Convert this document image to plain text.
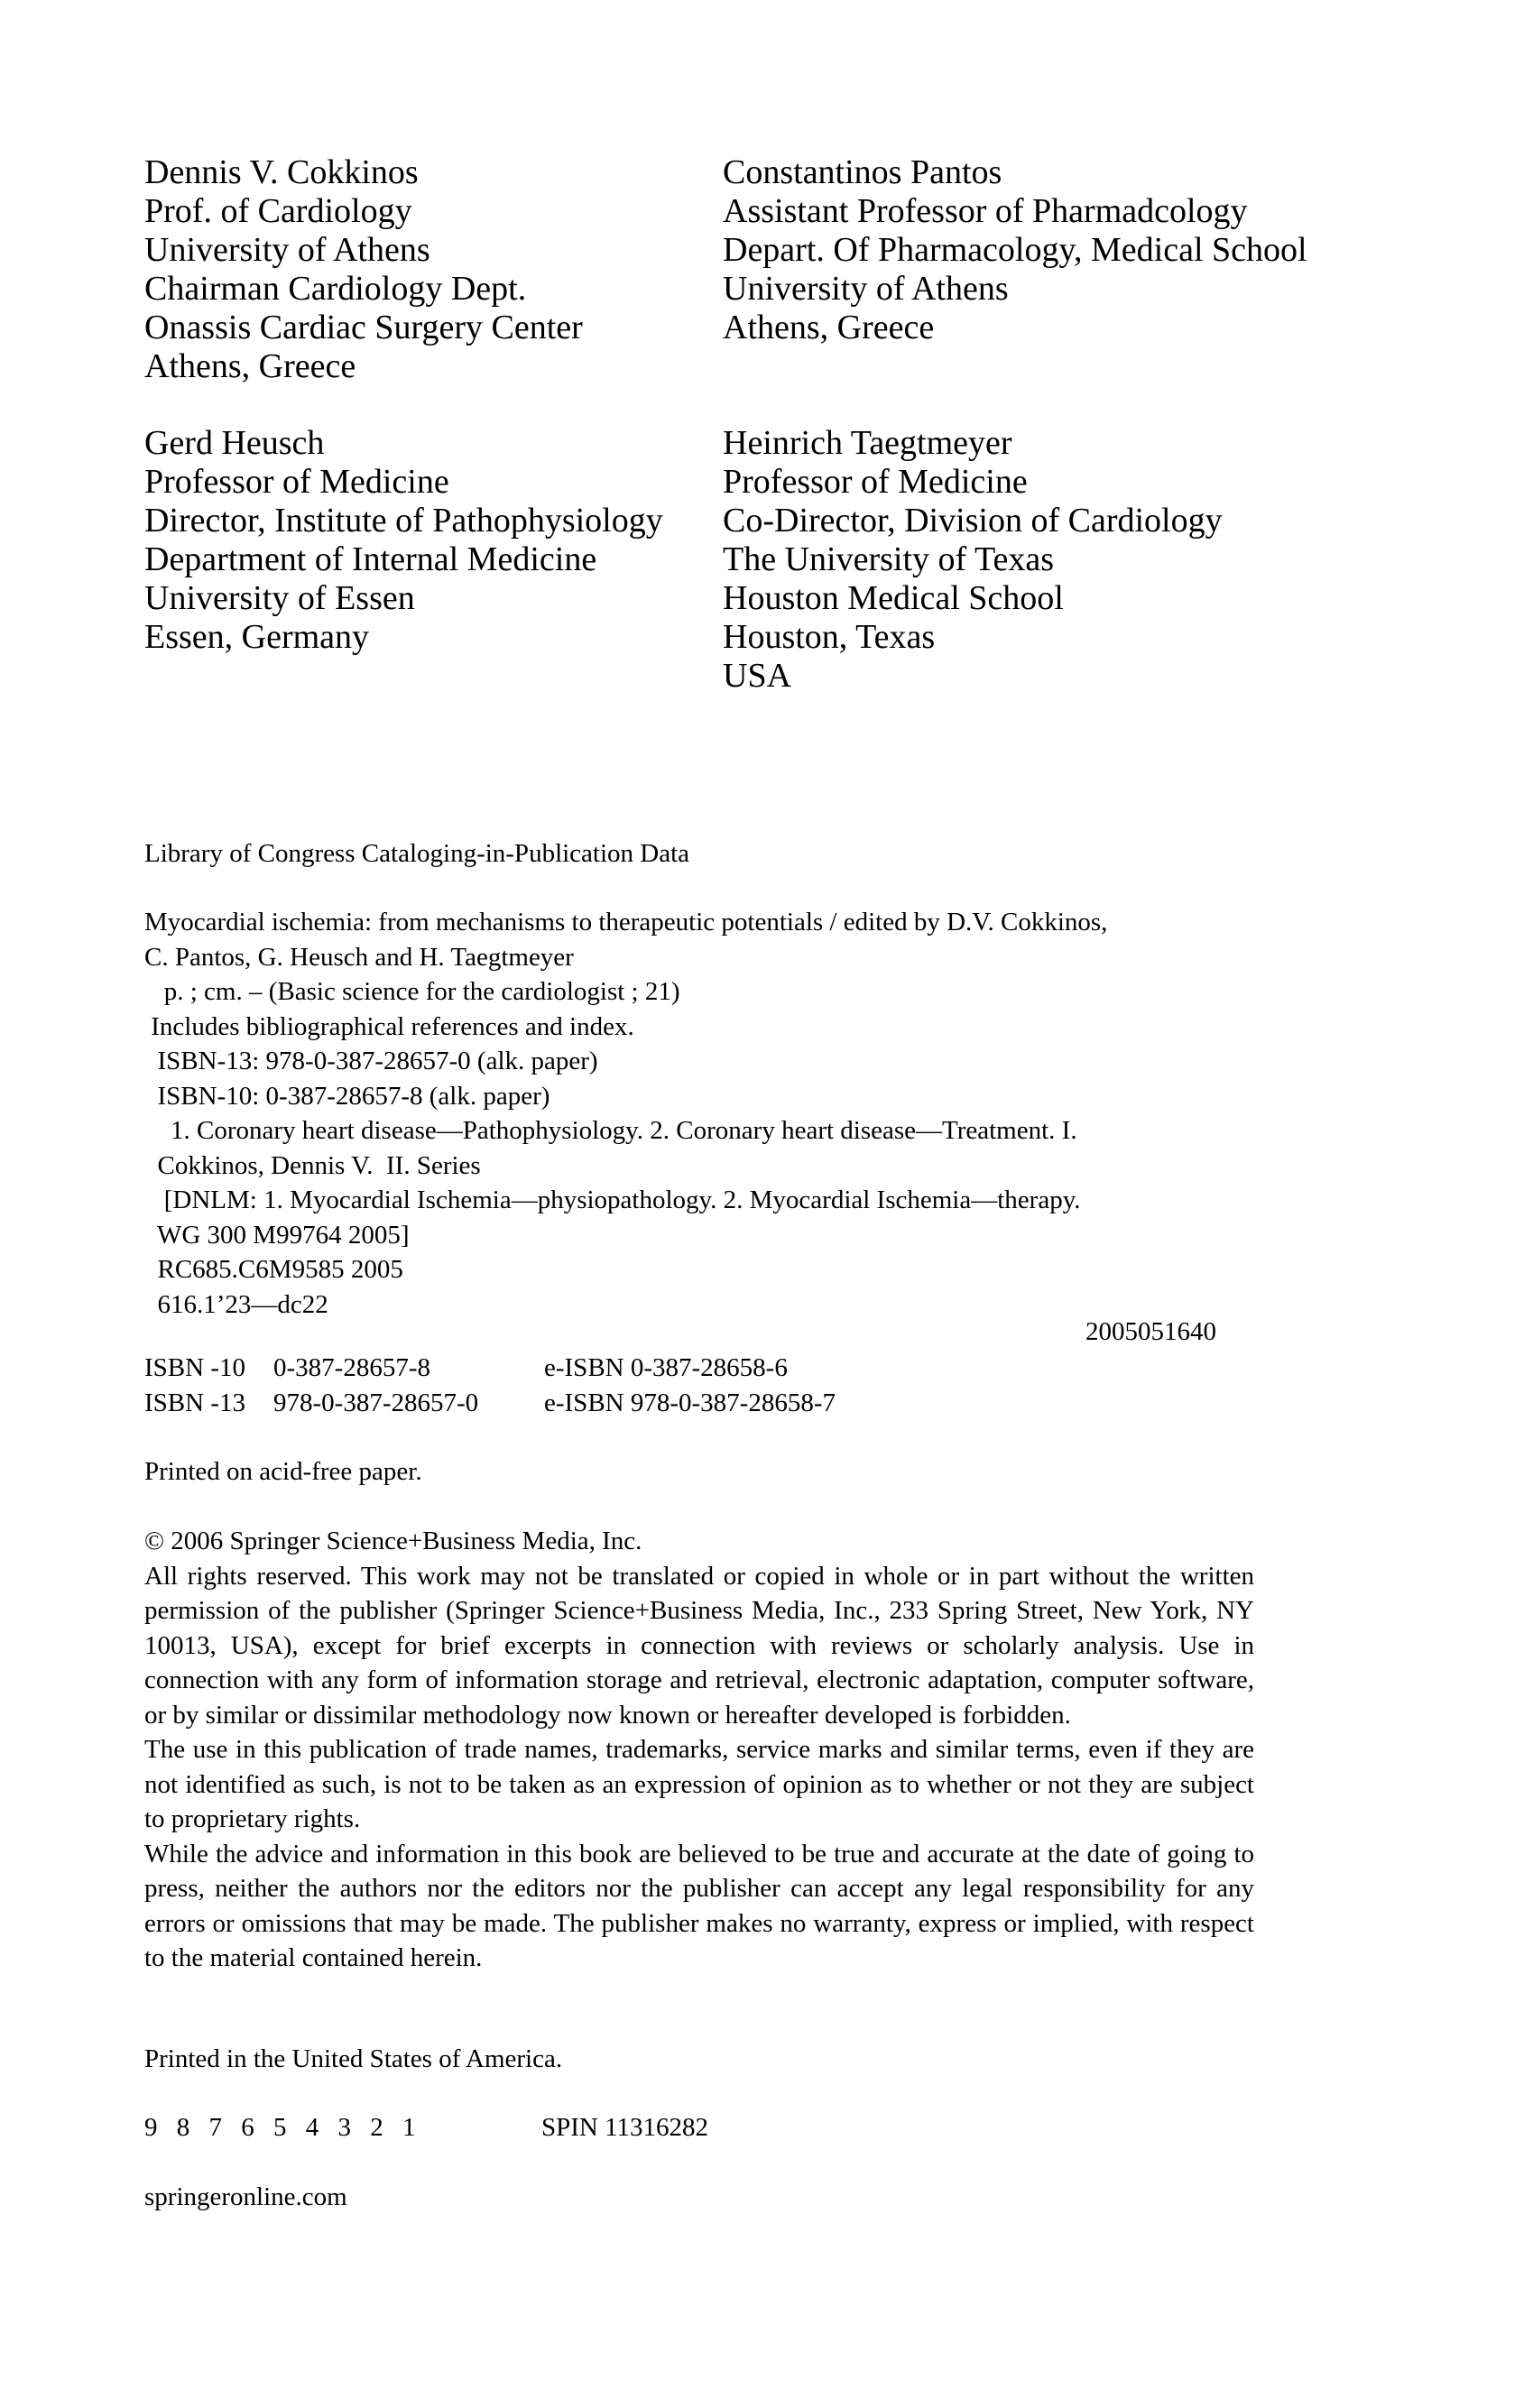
Dennis V. Cokkinos
Prof. of Cardiology
University of Athens
Chairman Cardiology Dept.
Onassis Cardiac Surgery Center
Athens, Greece
Constantinos Pantos
Assistant Professor of Pharmadcology
Depart. Of Pharmacology, Medical School
University of Athens
Athens, Greece
Gerd Heusch
Professor of Medicine
Director, Institute of Pathophysiology
Department of Internal Medicine
University of Essen
Essen, Germany
Heinrich Taegtmeyer
Professor of Medicine
Co-Director, Division of Cardiology
The University of Texas
Houston Medical School
Houston, Texas
USA
Library of Congress Cataloging-in-Publication Data
Myocardial ischemia: from mechanisms to therapeutic potentials / edited by D.V. Cokkinos,
C. Pantos, G. Heusch and H. Taegtmeyer
p. ; cm. – (Basic science for the cardiologist ; 21)
Includes bibliographical references and index.
ISBN-13: 978-0-387-28657-0 (alk. paper)
ISBN-10: 0-387-28657-8 (alk. paper)
1. Coronary heart disease—Pathophysiology. 2. Coronary heart disease—Treatment. I.
Cokkinos, Dennis V.  II. Series
[DNLM: 1. Myocardial Ischemia—physiopathology. 2. Myocardial Ischemia—therapy.
WG 300 M99764 2005]
RC685.C6M9585 2005
616.1’23—dc22
2005051640
ISBN -10 0-387-28657-8	e-ISBN 0-387-28658-6
ISBN -13 978-0-387-28657-0	e-ISBN 978-0-387-28658-7
Printed on acid-free paper.
© 2006 Springer Science+Business Media, Inc.

All rights reserved. This work may not be translated or copied in whole or in part without the written permission of the publisher (Springer Science+Business Media, Inc., 233 Spring Street, New York, NY 10013, USA), except for brief excerpts in connection with reviews or scholarly analysis. Use in connection with any form of information storage and retrieval, electronic adaptation, computer software, or by similar or dissimilar methodology now known or hereafter developed is forbidden.

The use in this publication of trade names, trademarks, service marks and similar terms, even if they are not identified as such, is not to be taken as an expression of opinion as to whether or not they are subject to proprietary rights.

While the advice and information in this book are believed to be true and accurate at the date of going to press, neither the authors nor the editors nor the publisher can accept any legal responsibility for any errors or omissions that may be made. The publisher makes no warranty, express or implied, with respect to the material contained herein.

Printed in the United States of America.
9 8 7 6 5 4 3 2 1	SPIN 11316282
springeronline.com
